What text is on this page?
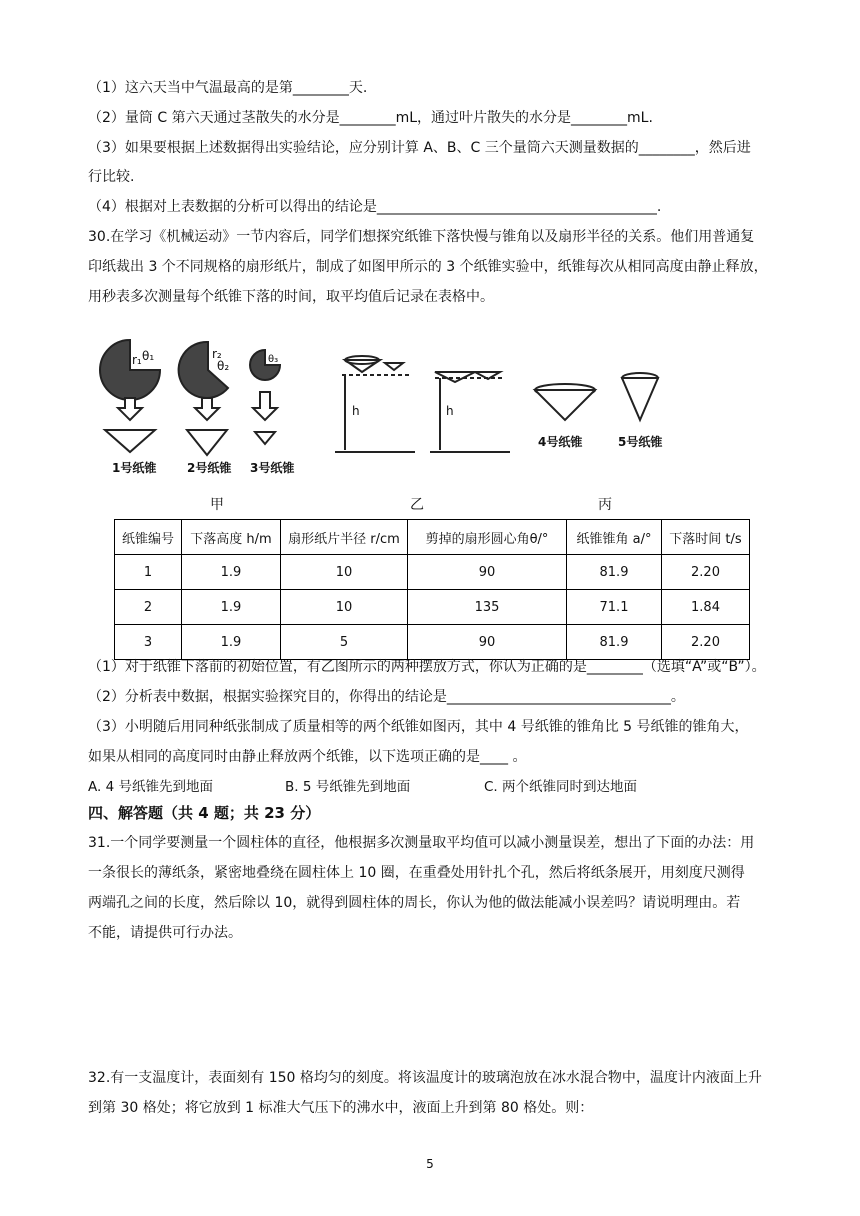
（1）这六天当中气温最高的是第________天.
（2）量筒 C 第六天通过茎散失的水分是________mL，通过叶片散失的水分是________mL.
（3）如果要根据上述数据得出实验结论，应分别计算 A、B、C 三个量筒六天测量数据的________，然后进
行比较.
（4）根据对上表数据的分析可以得出的结论是________________________________________.
30.在学习《机械运动》一节内容后，同学们想探究纸锥下落快慢与锥角以及扇形半径的关系。他们用普通复
印纸裁出 3 个不同规格的扇形纸片，制成了如图甲所示的 3 个纸锥实验中，纸锥每次从相同高度由静止释放，
用秒表多次测量每个纸锥下落的时间，取平均值后记录在表格中。
r₁ θ₁	r₂
θ₂	θ₃
h	h
1号纸锥	2号纸锥 3号纸锥
4号纸锥	5号纸锥
甲	乙	丙
纸锥编号	下落高度 h/m	扇形纸片半径 r/cm	剪掉的扇形圆心角θ/°	纸锥锥角 a/°	下落时间 t/s
1	1.9	10	90	81.9	2.20
2	1.9	10	135	71.1	1.84
3	1.9	5	90	81.9	2.20
（1）对于纸锥下落前的初始位置，有乙图所示的两种摆放方式，你认为正确的是________（选填“A”或“B”）。
（2）分析表中数据，根据实验探究目的，你得出的结论是________________________________。
（3）小明随后用同种纸张制成了质量相等的两个纸锥如图丙，其中 4 号纸锥的锥角比 5 号纸锥的锥角大，
如果从相同的高度同时由静止释放两个纸锥，以下选项正确的是____ 。
A. 4 号纸锥先到地面	B. 5 号纸锥先到地面	C. 两个纸锥同时到达地面
四、解答题（共 4 题；共 23 分）
31.一个同学要测量一个圆柱体的直径，他根据多次测量取平均值可以减小测量误差，想出了下面的办法：用
一条很长的薄纸条，紧密地叠绕在圆柱体上 10 圈，在重叠处用针扎个孔，然后将纸条展开，用刻度尺测得
两端孔之间的长度，然后除以 10，就得到圆柱体的周长，你认为他的做法能减小误差吗？请说明理由。若
不能，请提供可行办法。
32.有一支温度计，表面刻有 150 格均匀的刻度。将该温度计的玻璃泡放在冰水混合物中，温度计内液面上升
到第 30 格处；将它放到 1 标准大气压下的沸水中，液面上升到第 80 格处。则：
5
